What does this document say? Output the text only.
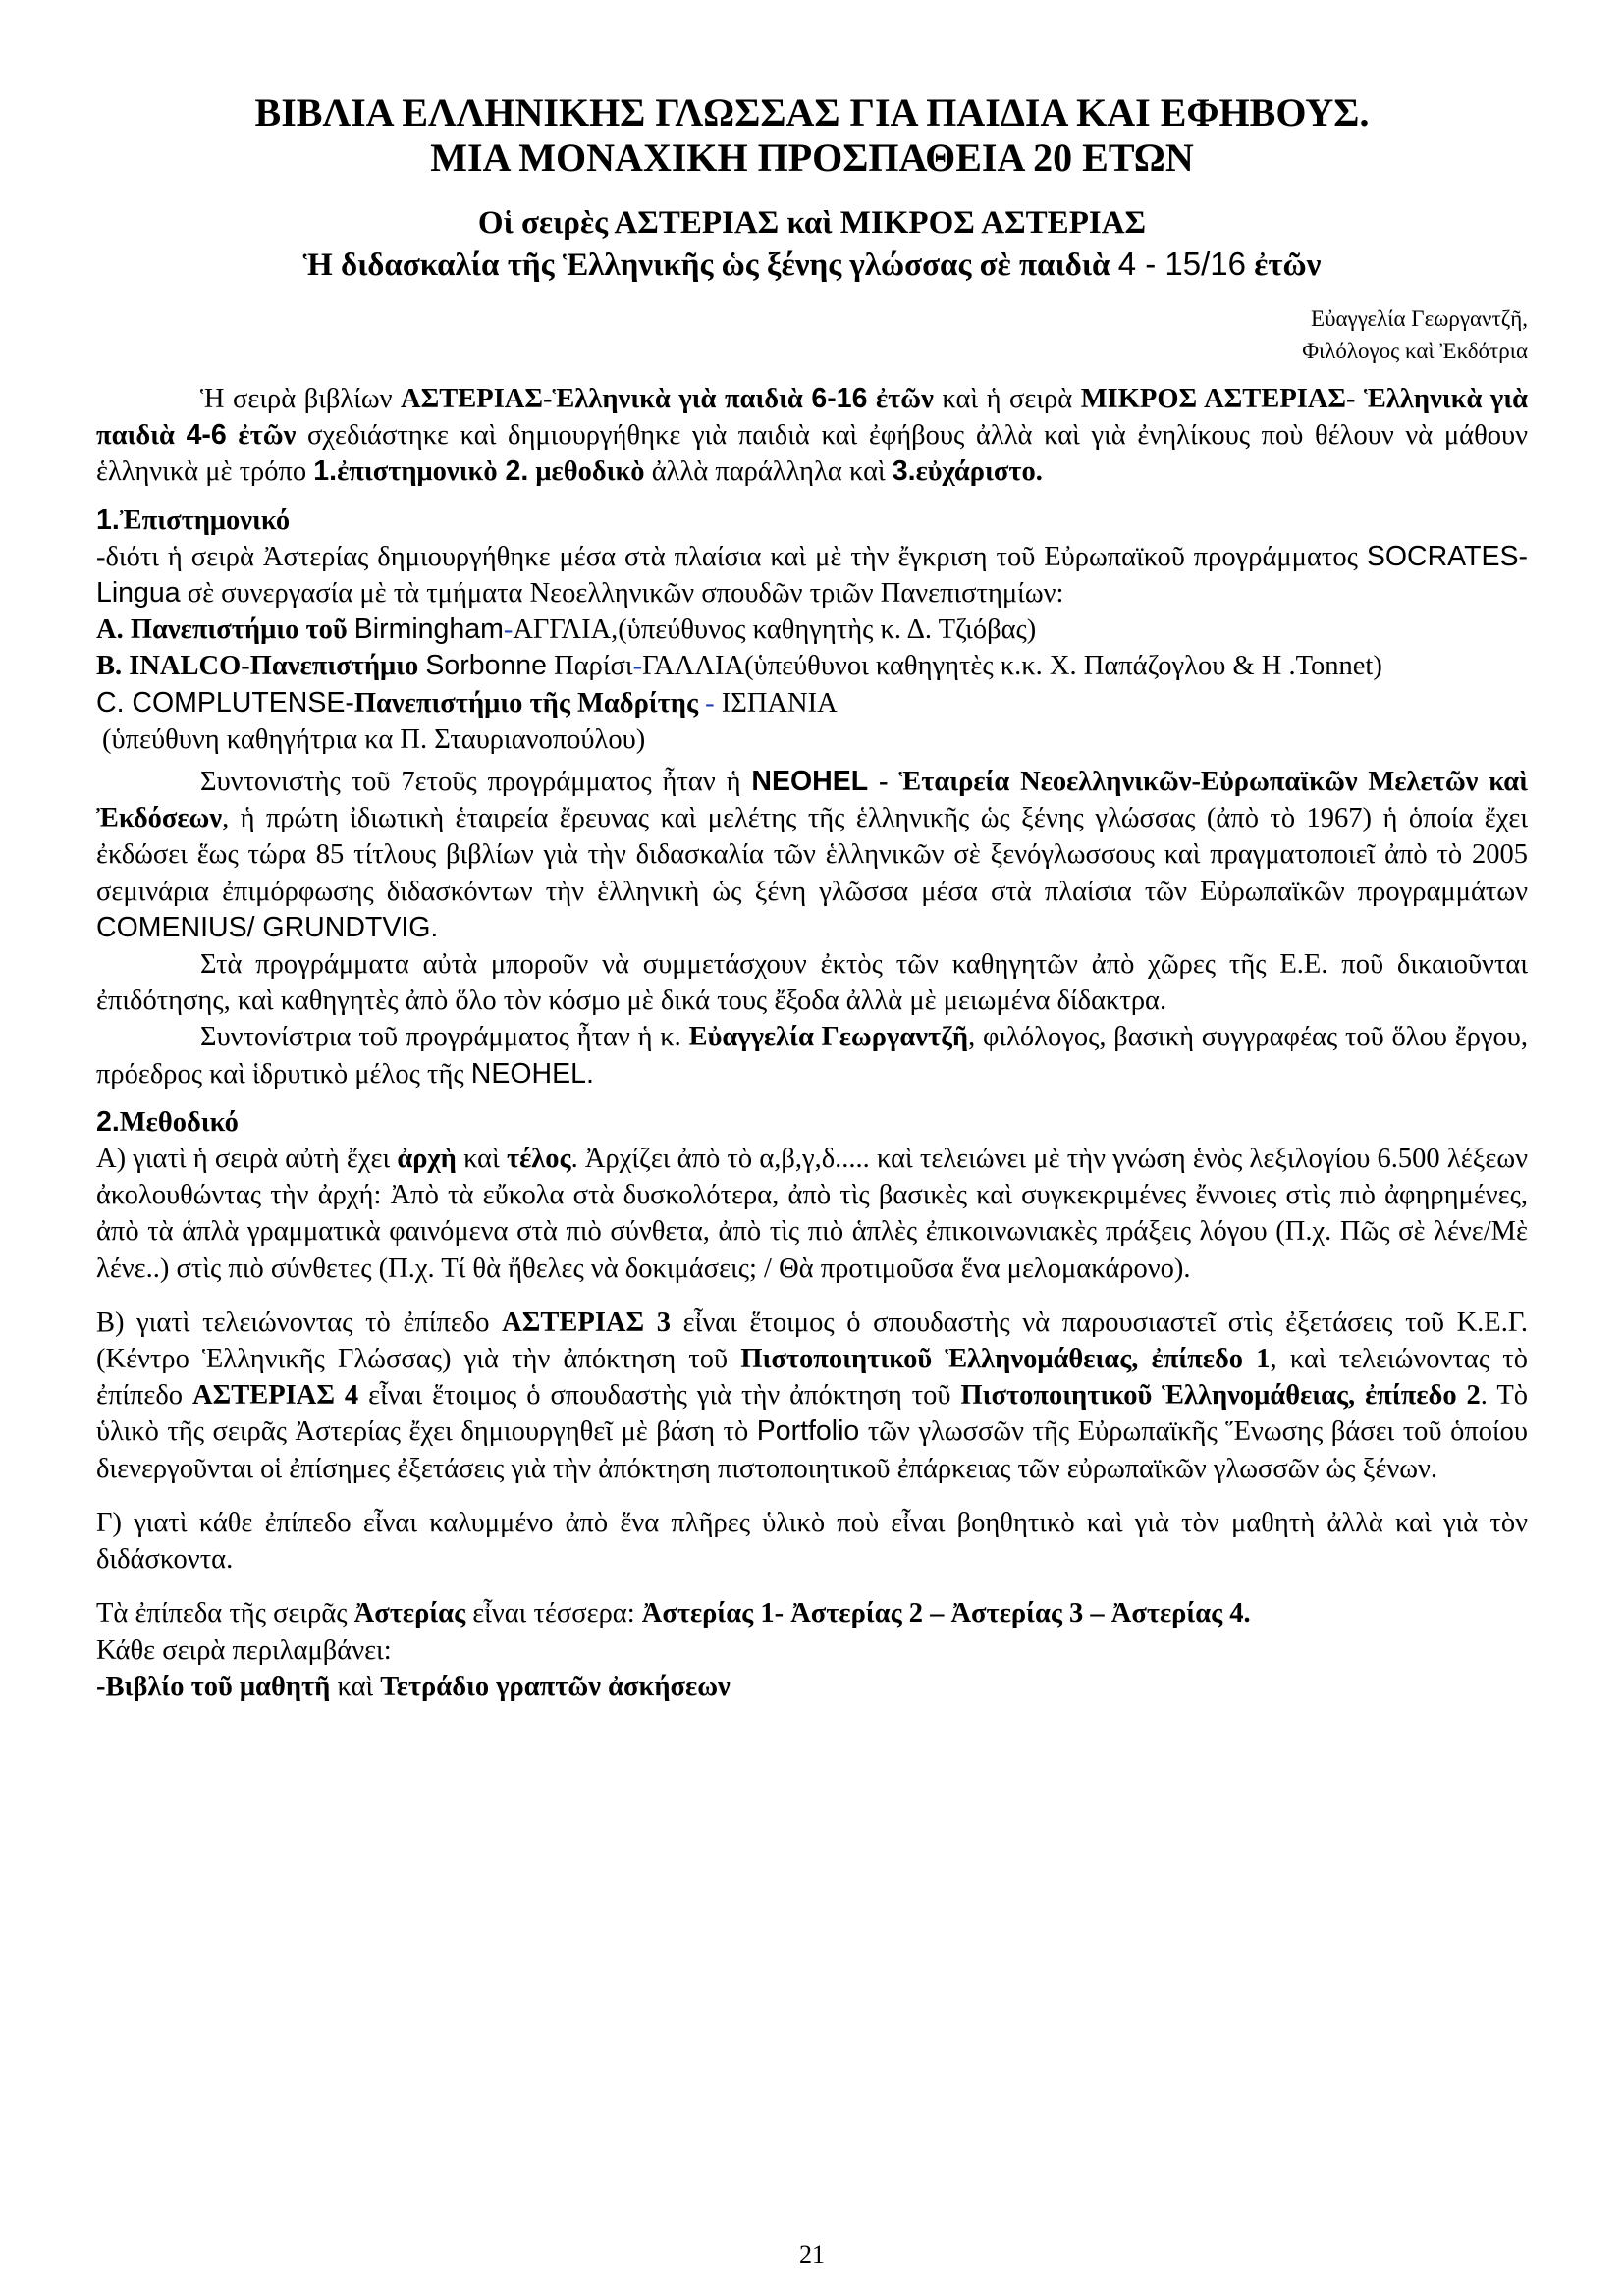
ΒΙΒΛΙΑ ΕΛΛΗΝΙΚΗΣ ΓΛΩΣΣΑΣ ΓΙΑ ΠΑΙΔΙΑ ΚΑΙ ΕΦΗΒΟΥΣ.
ΜΙΑ ΜΟΝΑΧΙΚΗ ΠΡΟΣΠΑΘΕΙΑ 20 ΕΤΩΝ
Οἱ σειρὲς ΑΣΤΕΡΙΑΣ καὶ ΜΙΚΡΟΣ ΑΣΤΕΡΙΑΣ
Ἡ διδασκαλία τῆς Ἑλληνικῆς ὡς ξένης γλώσσας σὲ παιδιὰ 4 - 15/16 ἐτῶν
Εὐαγγελία Γεωργαντζῆ,
Φιλόλογος καὶ Ἐκδότρια

Ἡ σειρὰ βιβλίων ΑΣΤΕΡΙΑΣ-Ἑλληνικὰ γιὰ παιδιὰ 6-16 ἐτῶν καὶ ἡ σειρὰ ΜΙΚΡΟΣ ΑΣΤΕΡΙΑΣ- Ἑλληνικὰ γιὰ παιδιὰ 4-6 ἐτῶν σχεδιάστηκε καὶ δημιουργήθηκε γιὰ παιδιὰ καὶ ἐφήβους ἀλλὰ καὶ γιὰ ἐνηλίκους ποὺ θέλουν νὰ μάθουν ἑλληνικὰ μὲ τρόπο 1.ἐπιστημονικὸ 2. μεθοδικὸ ἀλλὰ παράλληλα καὶ 3.εὐχάριστο.

1.Ἐπιστημονικό

-διότι ἡ σειρὰ Ἀστερίας δημιουργήθηκε μέσα στὰ πλαίσια καὶ μὲ τὴν ἔγκριση τοῦ Εὐρωπαϊκοῦ προγράμματος SOCRATES-Lingua σὲ συνεργασία μὲ τὰ τμήματα Νεοελληνικῶν σπουδῶν τριῶν Πανεπιστημίων:

A. Πανεπιστήμιο τοῦ Birmingham-ΑΓΓΛΙΑ,(ὑπεύθυνος καθηγητὴς κ. Δ. Τζιόβας)

B. INALCO-Πανεπιστήμιο Sorbonne Παρίσι-ΓΑΛΛΙΑ(ὑπεύθυνοι καθηγητὲς κ.κ. Χ. Παπάζογλου & Η .Tonnet)

C. COMPLUTENSE-Πανεπιστήμιο τῆς Μαδρίτης - ΙΣΠΑΝΙΑ

(ὑπεύθυνη καθηγήτρια κα Π. Σταυριανοπούλου)

Συντονιστὴς τοῦ 7ετοῦς προγράμματος ἦταν ἡ NEOHEL - Ἑταιρεία Νεοελληνικῶν-Εὐρωπαϊκῶν Μελετῶν καὶ Ἐκδόσεων, ἡ πρώτη ἰδιωτικὴ ἑταιρεία ἔρευνας καὶ μελέτης τῆς ἑλληνικῆς ὡς ξένης γλώσσας (ἀπὸ τὸ 1967) ἡ ὁποία ἔχει ἐκδώσει ἕως τώρα 85 τίτλους βιβλίων γιὰ τὴν διδασκαλία τῶν ἑλληνικῶν σὲ ξενόγλωσσους καὶ πραγματοποιεῖ ἀπὸ τὸ 2005 σεμινάρια ἐπιμόρφωσης διδασκόντων τὴν ἑλληνικὴ ὡς ξένη γλῶσσα μέσα στὰ πλαίσια τῶν Εὐρωπαϊκῶν προγραμμάτων COMENIUS/ GRUNDTVIG.

Στὰ προγράμματα αὐτὰ μποροῦν νὰ συμμετάσχουν ἐκτὸς τῶν καθηγητῶν ἀπὸ χῶρες τῆς Ε.Ε. ποῦ δικαιοῦνται ἐπιδότησης, καὶ καθηγητὲς ἀπὸ ὅλο τὸν κόσμο μὲ δικά τους ἔξοδα ἀλλὰ μὲ μειωμένα δίδακτρα.

Συντονίστρια τοῦ προγράμματος ἦταν ἡ κ. Εὐαγγελία Γεωργαντζῆ, φιλόλογος, βασικὴ συγγραφέας τοῦ ὅλου ἔργου, πρόεδρος καὶ ἱδρυτικὸ μέλος τῆς NEOHEL.

2.Μεθοδικό

Α) γιατὶ ἡ σειρὰ αὐτὴ ἔχει ἀρχὴ καὶ τέλος. Ἀρχίζει ἀπὸ τὸ α,β,γ,δ..... καὶ τελειώνει μὲ τὴν γνώση ἑνὸς λεξιλογίου 6.500 λέξεων ἀκολουθώντας τὴν ἀρχή: Ἀπὸ τὰ εὔκολα στὰ δυσκολότερα, ἀπὸ τὶς βασικὲς καὶ συγκεκριμένες ἔννοιες στὶς πιὸ ἀφηρημένες, ἀπὸ τὰ ἁπλὰ γραμματικὰ φαινόμενα στὰ πιὸ σύνθετα, ἀπὸ τὶς πιὸ ἁπλὲς ἐπικοινωνιακὲς πράξεις λόγου (Π.χ. Πῶς σὲ λένε/Μὲ λένε..) στὶς πιὸ σύνθετες (Π.χ. Τί θὰ ἤθελες νὰ δοκιμάσεις; / Θὰ προτιμοῦσα ἕνα μελομακάρονο).

Β) γιατὶ τελειώνοντας τὸ ἐπίπεδο ΑΣΤΕΡΙΑΣ 3 εἶναι ἕτοιμος ὁ σπουδαστὴς νὰ παρουσιαστεῖ στὶς ἐξετάσεις τοῦ Κ.Ε.Γ.(Κέντρο Ἑλληνικῆς Γλώσσας) γιὰ τὴν ἀπόκτηση τοῦ Πιστοποιητικοῦ Ἑλληνομάθειας, ἐπίπεδο 1, καὶ τελειώνοντας τὸ ἐπίπεδο ΑΣΤΕΡΙΑΣ 4 εἶναι ἕτοιμος ὁ σπουδαστὴς γιὰ τὴν ἀπόκτηση τοῦ Πιστοποιητικοῦ Ἑλληνομάθειας, ἐπίπεδο 2. Τὸ ὑλικὸ τῆς σειρᾶς Ἀστερίας ἔχει δημιουργηθεῖ μὲ βάση τὸ Portfolio τῶν γλωσσῶν τῆς Εὐρωπαϊκῆς Ἕνωσης βάσει τοῦ ὁποίου διενεργοῦνται οἱ ἐπίσημες ἐξετάσεις γιὰ τὴν ἀπόκτηση πιστοποιητικοῦ ἐπάρκειας τῶν εὐρωπαϊκῶν γλωσσῶν ὡς ξένων.

Γ) γιατὶ κάθε ἐπίπεδο εἶναι καλυμμένο ἀπὸ ἕνα πλῆρες ὑλικὸ ποὺ εἶναι βοηθητικὸ καὶ γιὰ τὸν μαθητὴ ἀλλὰ καὶ γιὰ τὸν διδάσκοντα.

Τὰ ἐπίπεδα τῆς σειρᾶς Ἀστερίας εἶναι τέσσερα: Ἀστερίας 1- Ἀστερίας 2 – Ἀστερίας 3 – Ἀστερίας 4.

Κάθε σειρὰ περιλαμβάνει:

-Βιβλίο τοῦ μαθητῆ καὶ Τετράδιο γραπτῶν ἀσκήσεων

21
